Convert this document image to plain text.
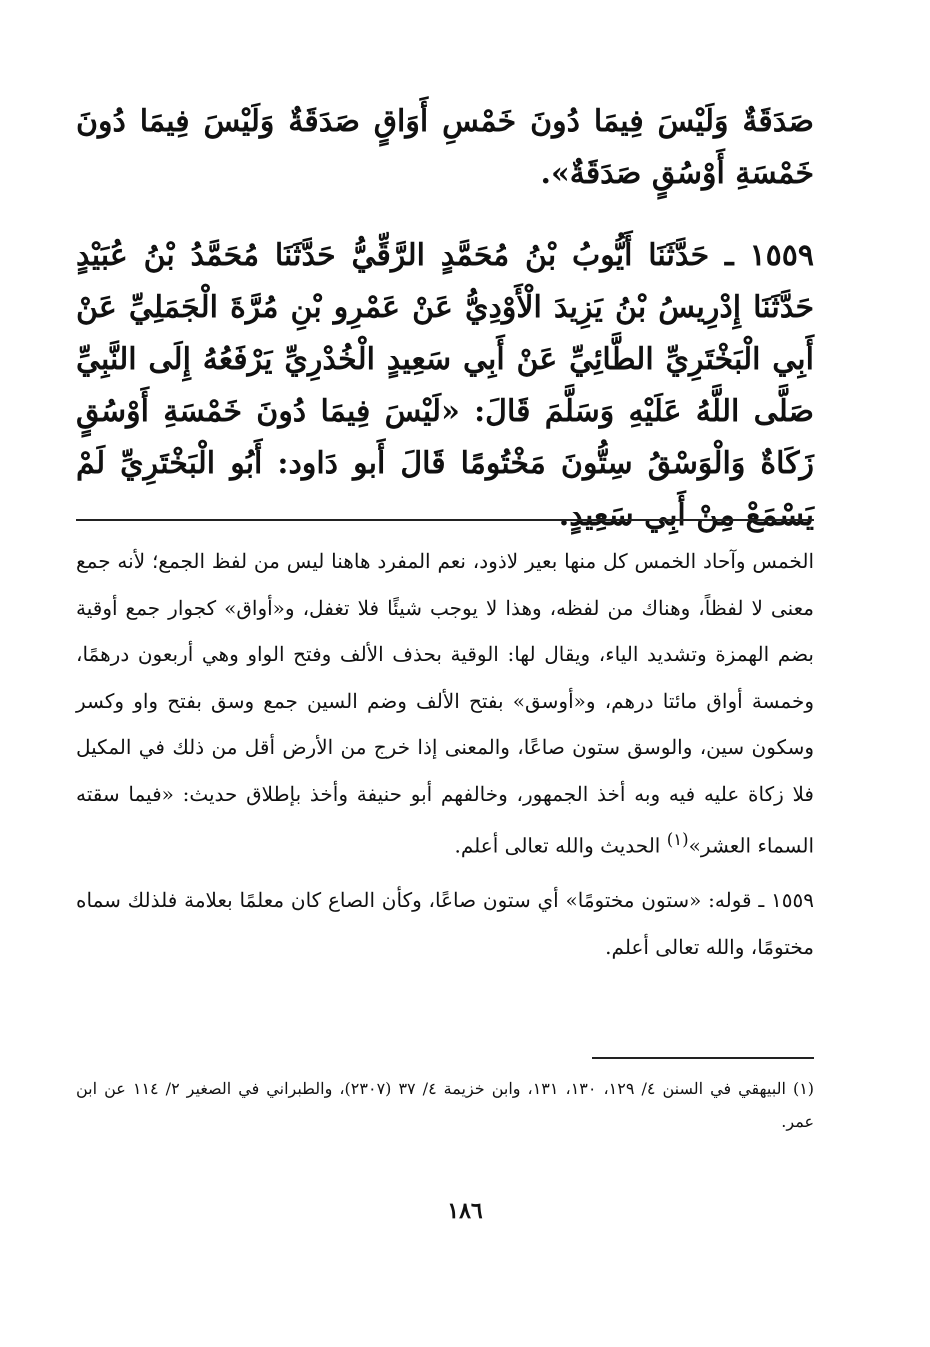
صَدَقَةٌ وَلَيْسَ فِيمَا دُونَ خَمْسِ أَوَاقٍ صَدَقَةٌ وَلَيْسَ فِيمَا دُونَ خَمْسَةِ أَوْسُقٍ صَدَقَةٌ».

١٥٥٩ ـ حَدَّثَنَا أَيُّوبُ بْنُ مُحَمَّدٍ الرَّقِّيُّ حَدَّثَنَا مُحَمَّدُ بْنُ عُبَيْدٍ حَدَّثَنَا إِدْرِيسُ بْنُ يَزِيدَ الْأَوْدِيُّ عَنْ عَمْرِو بْنِ مُرَّةَ الْجَمَلِيِّ عَنْ أَبِي الْبَخْتَرِيِّ الطَّائِيِّ عَنْ أَبِي سَعِيدٍ الْخُدْرِيِّ يَرْفَعُهُ إِلَى النَّبِيِّ صَلَّى اللَّهُ عَلَيْهِ وَسَلَّمَ قَالَ: «لَيْسَ فِيمَا دُونَ خَمْسَةِ أَوْسُقٍ زَكَاةٌ وَالْوَسْقُ سِتُّونَ مَخْتُومًا قَالَ أَبو دَاود: أَبُو الْبَخْتَرِيِّ لَمْ يَسْمَعْ مِنْ أَبِي سَعِيدٍ.

الخمس وآحاد الخمس كل منها بعير لاذود، نعم المفرد هاهنا ليس من لفظ الجمع؛ لأنه جمع معنى لا لفظاً، وهناك من لفظه، وهذا لا يوجب شيئًا فلا تغفل، و«أواق» كجوار جمع أوقية بضم الهمزة وتشديد الياء، ويقال لها: الوقية بحذف الألف وفتح الواو وهي أربعون درهمًا، وخمسة أواق مائتا درهم، و«أوسق» بفتح الألف وضم السين جمع وسق بفتح واو وكسر وسكون سين، والوسق ستون صاعًا، والمعنى إذا خرج من الأرض أقل من ذلك في المكيل فلا زكاة عليه فيه وبه أخذ الجمهور، وخالفهم أبو حنيفة وأخذ بإطلاق حديث: «فيما سقته السماء العشر»$^{(١)}$ الحديث والله تعالى أعلم.

١٥٥٩ ـ قوله: «ستون مختومًا» أي ستون صاعًا، وكأن الصاع كان معلمًا بعلامة فلذلك سماه مختومًا، والله تعالى أعلم.

(١) البيهقي في السنن ٤/ ١٢٩، ١٣٠، ١٣١، وابن خزيمة ٤/ ٣٧ (٢٣٠٧)، والطبراني في الصغير ٢/ ١١٤ عن ابن عمر.

١٨٦
